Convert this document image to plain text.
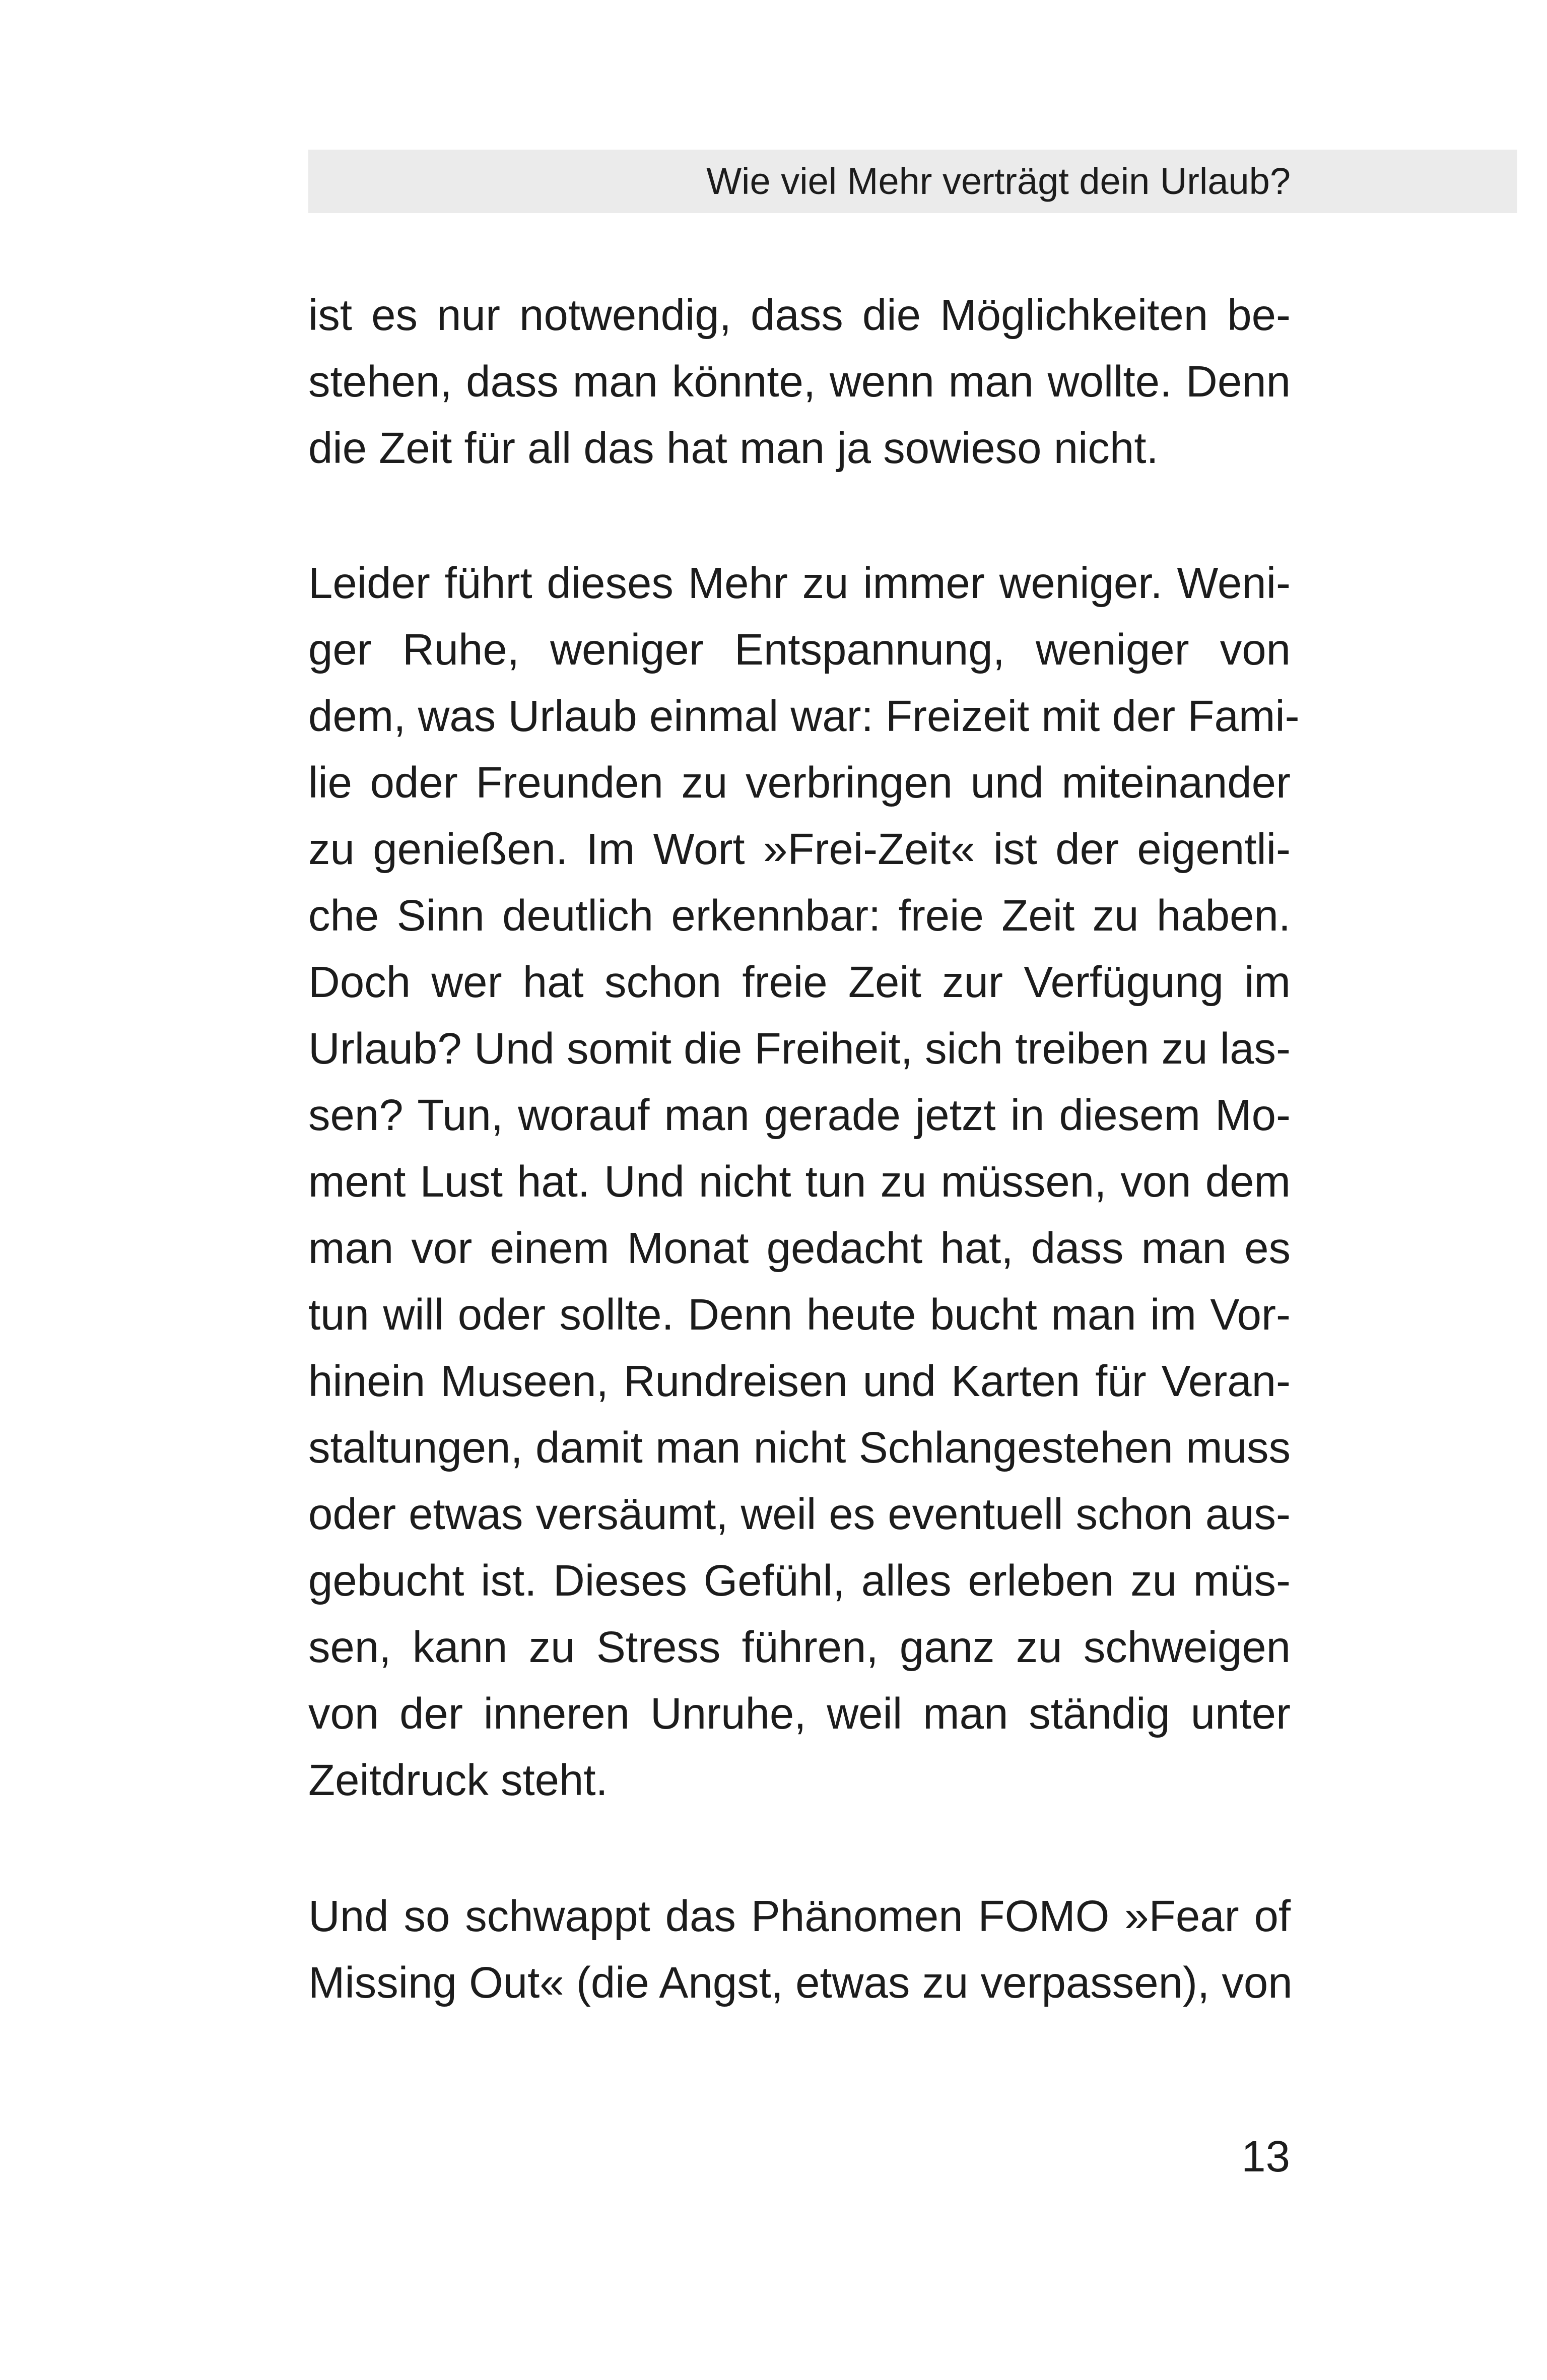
Wie viel Mehr verträgt dein Urlaub?
ist es nur notwendig, dass die Möglichkeiten be-
stehen, dass man könnte, wenn man wollte. Denn
die Zeit für all das hat man ja sowieso nicht.
Leider führt dieses Mehr zu immer weniger. Weni-
ger Ruhe, weniger Entspannung, weniger von
dem, was Urlaub einmal war: Freizeit mit der Fami-
lie oder Freunden zu verbringen und miteinander
zu genießen. Im Wort »Frei-Zeit« ist der eigentli-
che Sinn deutlich erkennbar: freie Zeit zu haben.
Doch wer hat schon freie Zeit zur Verfügung im
Urlaub? Und somit die Freiheit, sich treiben zu las-
sen? Tun, worauf man gerade jetzt in diesem Mo-
ment Lust hat. Und nicht tun zu müssen, von dem
man vor einem Monat gedacht hat, dass man es
tun will oder sollte. Denn heute bucht man im Vor-
hinein Museen, Rundreisen und Karten für Veran-
staltungen, damit man nicht Schlangestehen muss
oder etwas versäumt, weil es eventuell schon aus-
gebucht ist. Dieses Gefühl, alles erleben zu müs-
sen, kann zu Stress führen, ganz zu schweigen
von der inneren Unruhe, weil man ständig unter
Zeitdruck steht.
Und so schwappt das Phänomen FOMO »Fear of
Missing Out« (die Angst, etwas zu verpassen), von
13
